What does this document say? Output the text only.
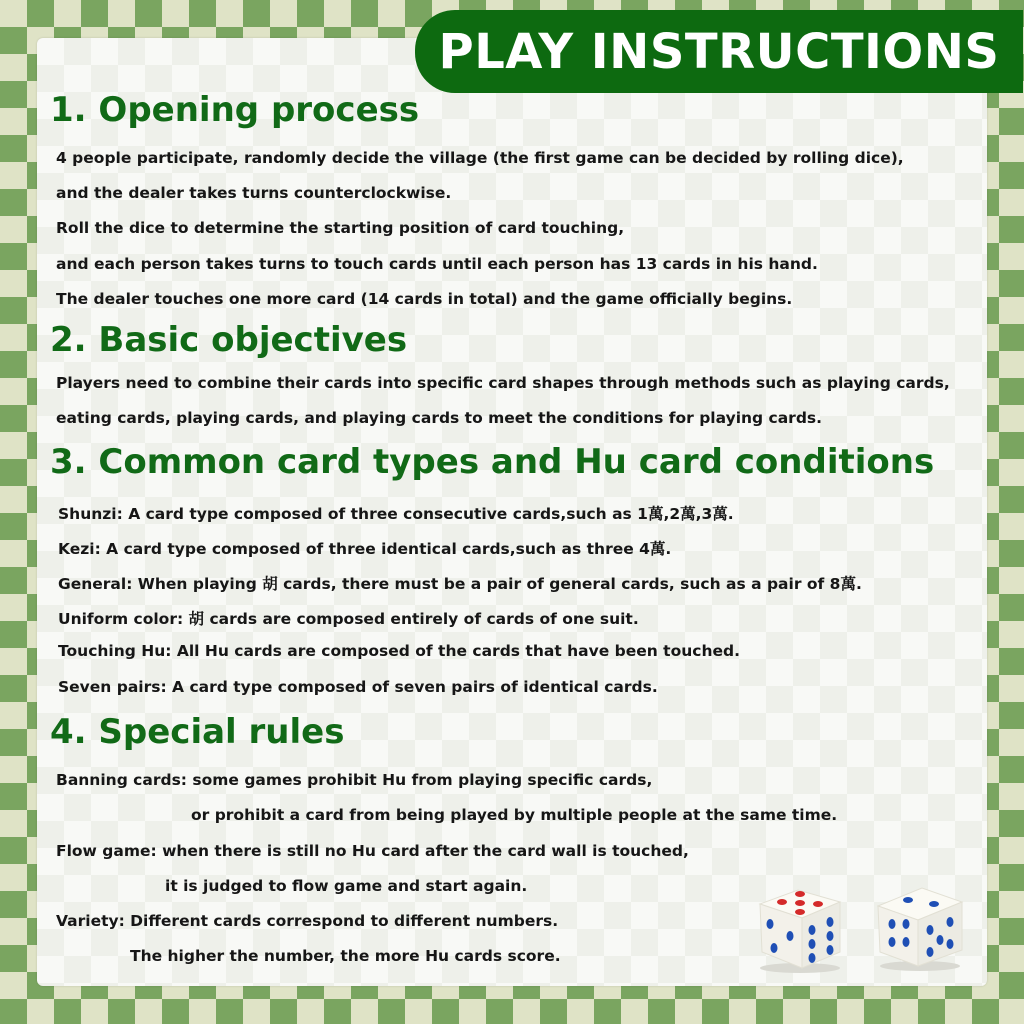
PLAY INSTRUCTIONS
1. Opening process
4 people participate, randomly decide the village (the first game can be decided by rolling dice),
and the dealer takes turns counterclockwise.
Roll the dice to determine the starting position of card touching,
and each person takes turns to touch cards until each person has 13 cards in his hand.
The dealer touches one more card (14 cards in total) and the game officially begins.
2. Basic objectives
Players need to combine their cards into specific card shapes through methods such as playing cards,
eating cards, playing cards, and playing cards to meet the conditions for playing cards.
3. Common card types and Hu card conditions
Shunzi: A card type composed of three consecutive cards,such as 1萬,2萬,3萬.
Kezi: A card type composed of three identical cards,such as three 4萬.
General: When playing 胡 cards, there must be a pair of general cards, such as a pair of 8萬.
Uniform color: 胡 cards are composed entirely of cards of one suit.
Touching Hu: All Hu cards are composed of the cards that have been touched.
Seven pairs: A card type composed of seven pairs of identical cards.
4. Special rules
Banning cards: some games prohibit Hu from playing specific cards,
or prohibit a card from being played by multiple people at the same time.
Flow game: when there is still no Hu card after the card wall is touched,
it is judged to flow game and start again.
Variety: Different cards correspond to different numbers.
The higher the number, the more Hu cards score.
